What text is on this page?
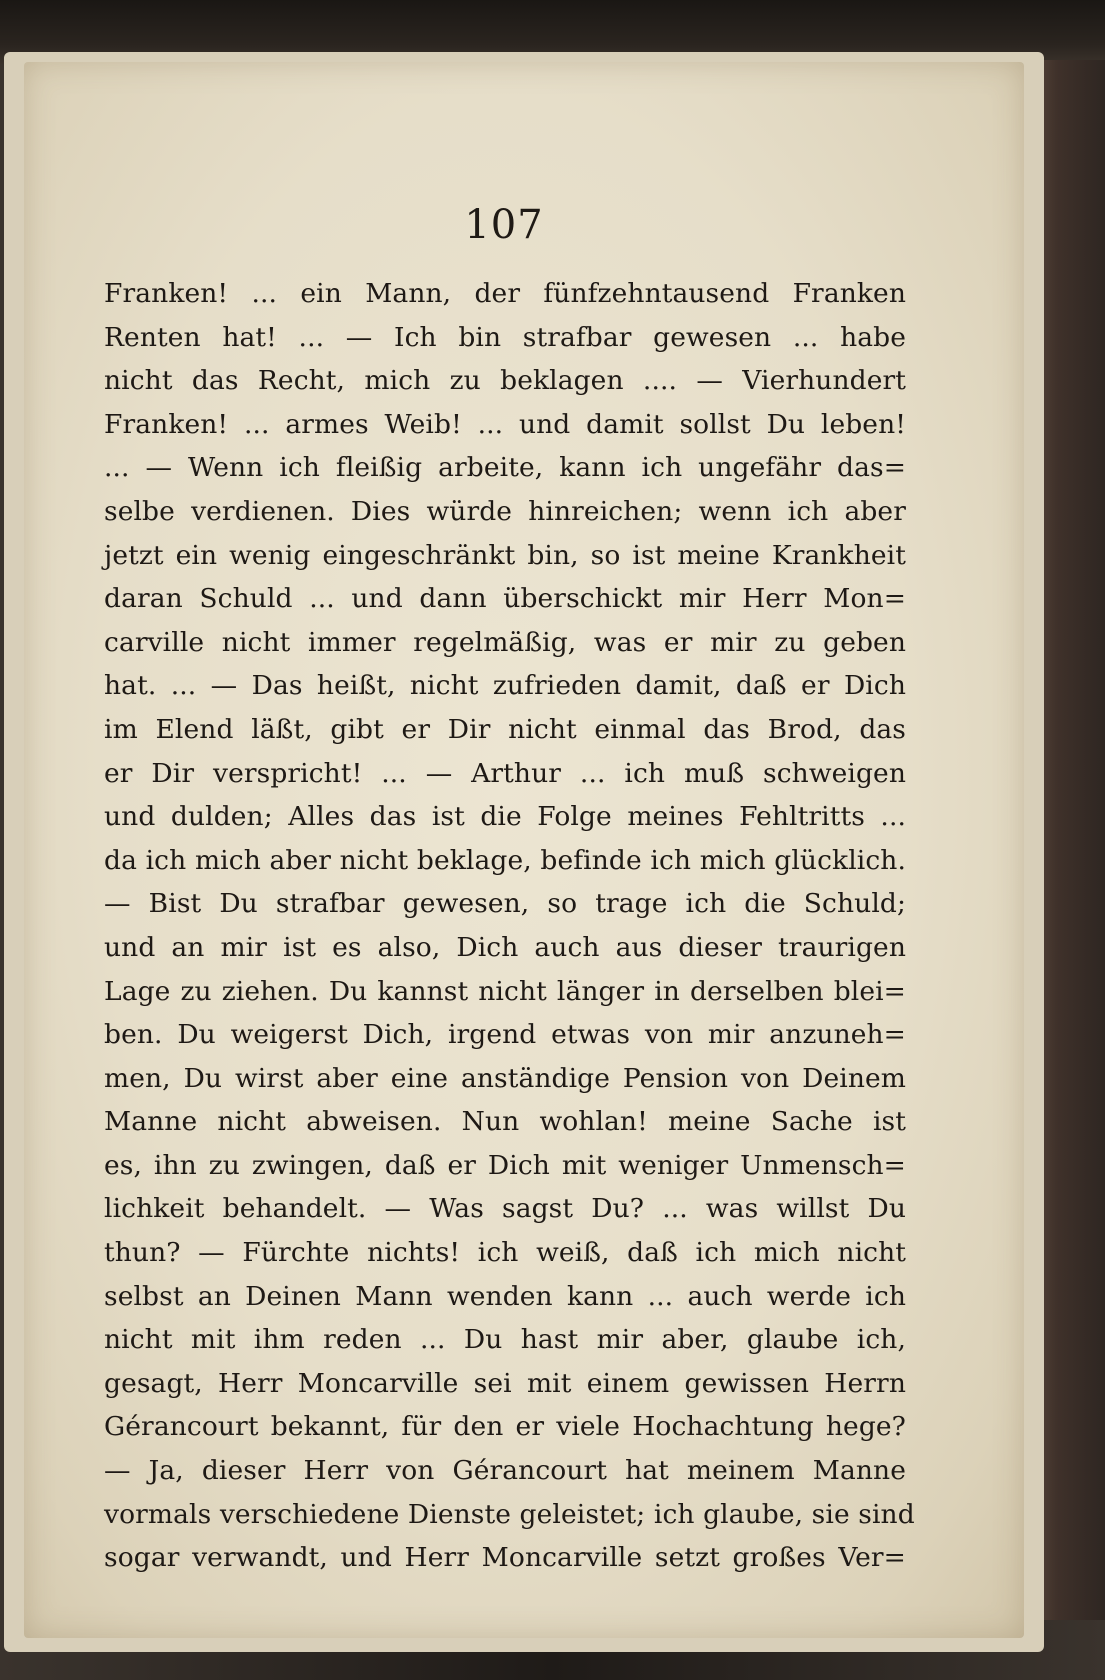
107
Franken! ... ein Mann, der fünfzehntausend Franken
Renten hat! ... — Ich bin strafbar gewesen ... habe
nicht das Recht, mich zu beklagen .... — Vierhundert
Franken! ... armes Weib! ... und damit sollst Du leben!
... — Wenn ich fleißig arbeite, kann ich ungefähr das=
selbe verdienen. Dies würde hinreichen; wenn ich aber
jetzt ein wenig eingeschränkt bin, so ist meine Krankheit
daran Schuld ... und dann überschickt mir Herr Mon=
carville nicht immer regelmäßig, was er mir zu geben
hat. ... — Das heißt, nicht zufrieden damit, daß er Dich
im Elend läßt, gibt er Dir nicht einmal das Brod, das
er Dir verspricht! ... — Arthur ... ich muß schweigen
und dulden; Alles das ist die Folge meines Fehltritts ...
da ich mich aber nicht beklage, befinde ich mich glücklich.
— Bist Du strafbar gewesen, so trage ich die Schuld;
und an mir ist es also, Dich auch aus dieser traurigen
Lage zu ziehen. Du kannst nicht länger in derselben blei=
ben. Du weigerst Dich, irgend etwas von mir anzuneh=
men, Du wirst aber eine anständige Pension von Deinem
Manne nicht abweisen. Nun wohlan! meine Sache ist
es, ihn zu zwingen, daß er Dich mit weniger Unmensch=
lichkeit behandelt. — Was sagst Du? ... was willst Du
thun? — Fürchte nichts! ich weiß, daß ich mich nicht
selbst an Deinen Mann wenden kann ... auch werde ich
nicht mit ihm reden ... Du hast mir aber, glaube ich,
gesagt, Herr Moncarville sei mit einem gewissen Herrn
Gérancourt bekannt, für den er viele Hochachtung hege?
— Ja, dieser Herr von Gérancourt hat meinem Manne
vormals verschiedene Dienste geleistet; ich glaube, sie sind
sogar verwandt, und Herr Moncarville setzt großes Ver=
